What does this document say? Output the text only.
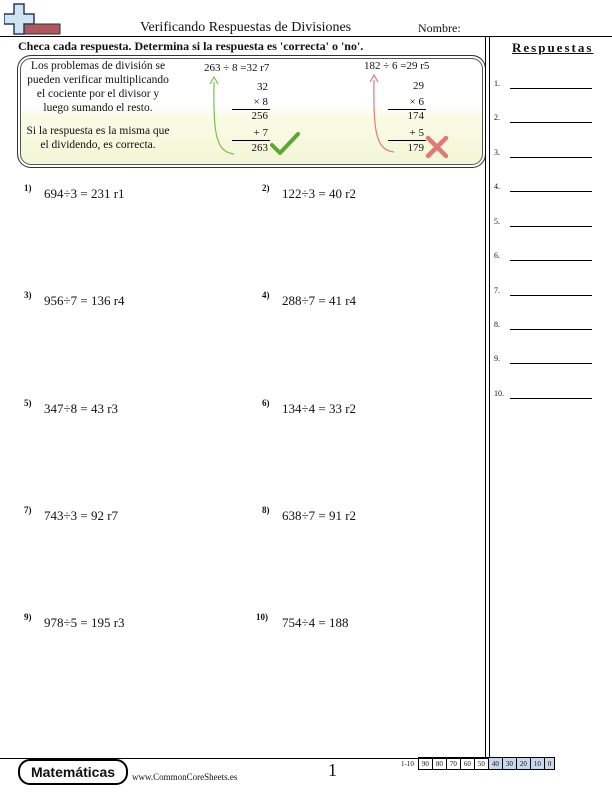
Verificando Respuestas de Divisiones	Nombre:
Checa cada respuesta. Determina si la respuesta es 'correcta' o 'no'.
Los problemas de división se
pueden verificar multiplicando
el cociente por el divisor y
luego sumando el resto.
Si la respuesta es la misma que
el dividendo, es correcta.
263 ÷ 8 =32 r7
32
× 8
256
+ 7
263
182 ÷ 6 =29 r5
29
× 6
174
+ 5
179
1) 694÷3 = 231 r1	2) 122÷3 = 40 r2
3) 956÷7 = 136 r4	4) 288÷7 = 41 r4
5) 347÷8 = 43 r3	6) 134÷4 = 33 r2
7) 743÷3 = 92 r7	8) 638÷7 = 91 r2
9) 978÷5 = 195 r3	10) 754÷4 = 188
Respuestas
1.
2.
3.
4.
5.
6.
7.
8.
9.
10.
Matemáticas	www.CommonCoreSheets.es	1	1-10	90	80	70	60	50	40	30	20	10	0
